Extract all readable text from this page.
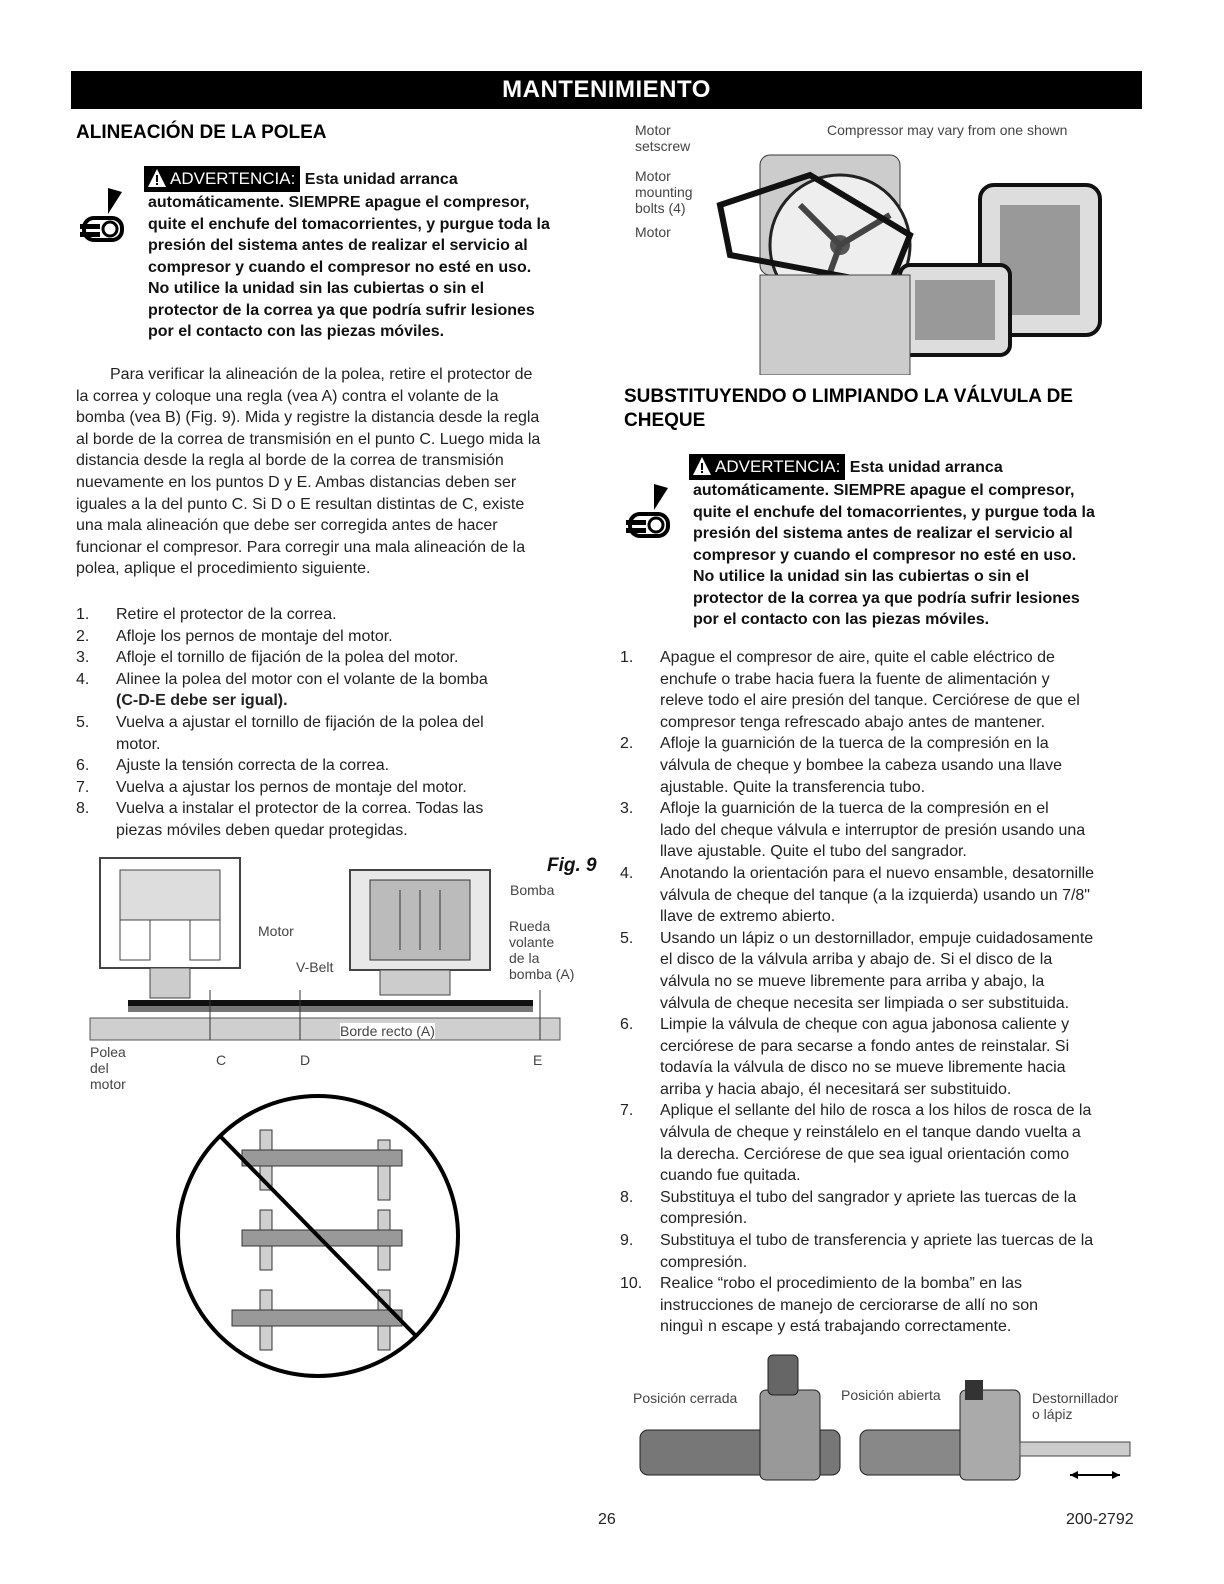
MANTENIMIENTO
ALINEACIÓN DE LA POLEA
ADVERTENCIA: Esta unidad arranca
automáticamente. SIEMPRE apague el compresor,
quite el enchufe del tomacorrientes, y purgue toda la
presión del sistema antes de realizar el servicio al
compresor y cuando el compresor no esté en uso.
No utilice la unidad sin las cubiertas o sin el
protector de la correa ya que podría sufrir lesiones
por el contacto con las piezas móviles.
Para verificar la alineación de la polea, retire el protector de
la correa y coloque una regla (vea A) contra el volante de la
bomba (vea B) (Fig. 9). Mida y registre la distancia desde la regla
al borde de la correa de transmisión en el punto C. Luego mida la
distancia desde la regla al borde de la correa de transmisión
nuevamente en los puntos D y E. Ambas distancias deben ser
iguales a la del punto C. Si D o E resultan distintas de C, existe
una mala alineación que debe ser corregida antes de hacer
funcionar el compresor. Para corregir una mala alineación de la
polea, aplique el procedimiento siguiente.
1. Retire el protector de la correa.
2. Afloje los pernos de montaje del motor.
3. Afloje el tornillo de fijación de la polea del motor.
4. Alinee la polea del motor con el volante de la bomba
(C-D-E debe ser igual).
5. Vuelva a ajustar el tornillo de fijación de la polea del
motor.
6. Ajuste la tensión correcta de la correa.
7. Vuelva a ajustar los pernos de montaje del motor.
8. Vuelva a instalar el protector de la correa. Todas las
piezas móviles deben quedar protegidas.
Fig. 9
Bomba
Motor
V-Belt
Rueda
volante
de la
bomba (A)
Borde recto (A)
Polea
del
motor
C	D	E
Motor
setscrew
Motor
mounting
bolts (4)
Motor
Compressor may vary from one shown
SUBSTITUYENDO O LIMPIANDO LA VÁLVULA DE
CHEQUE
ADVERTENCIA: Esta unidad arranca
automáticamente. SIEMPRE apague el compresor,
quite el enchufe del tomacorrientes, y purgue toda la
presión del sistema antes de realizar el servicio al
compresor y cuando el compresor no esté en uso.
No utilice la unidad sin las cubiertas o sin el
protector de la correa ya que podría sufrir lesiones
por el contacto con las piezas móviles.
1. Apague el compresor de aire, quite el cable eléctrico de
enchufe o trabe hacia fuera la fuente de alimentación y
releve todo el aire presión del tanque. Cerciórese de que el
compresor tenga refrescado abajo antes de mantener.
2. Afloje la guarnición de la tuerca de la compresión en la
válvula de cheque y bombee la cabeza usando una llave
ajustable. Quite la transferencia tubo.
3. Afloje la guarnición de la tuerca de la compresión en el
lado del cheque válvula e interruptor de presión usando una
llave ajustable. Quite el tubo del sangrador.
4. Anotando la orientación para el nuevo ensamble, desatornille
válvula de cheque del tanque (a la izquierda) usando un 7/8"
llave de extremo abierto.
5. Usando un lápiz o un destornillador, empuje cuidadosamente
el disco de la válvula arriba y abajo de. Si el disco de la
válvula no se mueve libremente para arriba y abajo, la
válvula de cheque necesita ser limpiada o ser substituida.
6. Limpie la válvula de cheque con agua jabonosa caliente y
cerciórese de para secarse a fondo antes de reinstalar. Si
todavía la válvula de disco no se mueve libremente hacia
arriba y hacia abajo, él necesitará ser substituido.
7. Aplique el sellante del hilo de rosca a los hilos de rosca de la
válvula de cheque y reinstálelo en el tanque dando vuelta a
la derecha. Cerciórese de que sea igual orientación como
cuando fue quitada.
8. Substituya el tubo del sangrador y apriete las tuercas de la
compresión.
9. Substituya el tubo de transferencia y apriete las tuercas de la
compresión.
10. Realice “robo el procedimiento de la bomba” en las
instrucciones de manejo de cerciorarse de allí no son
ninguì n escape y está trabajando correctamente.
Posición cerrada	Posición abierta	Destornillador
o lápiz
26	200-2792
